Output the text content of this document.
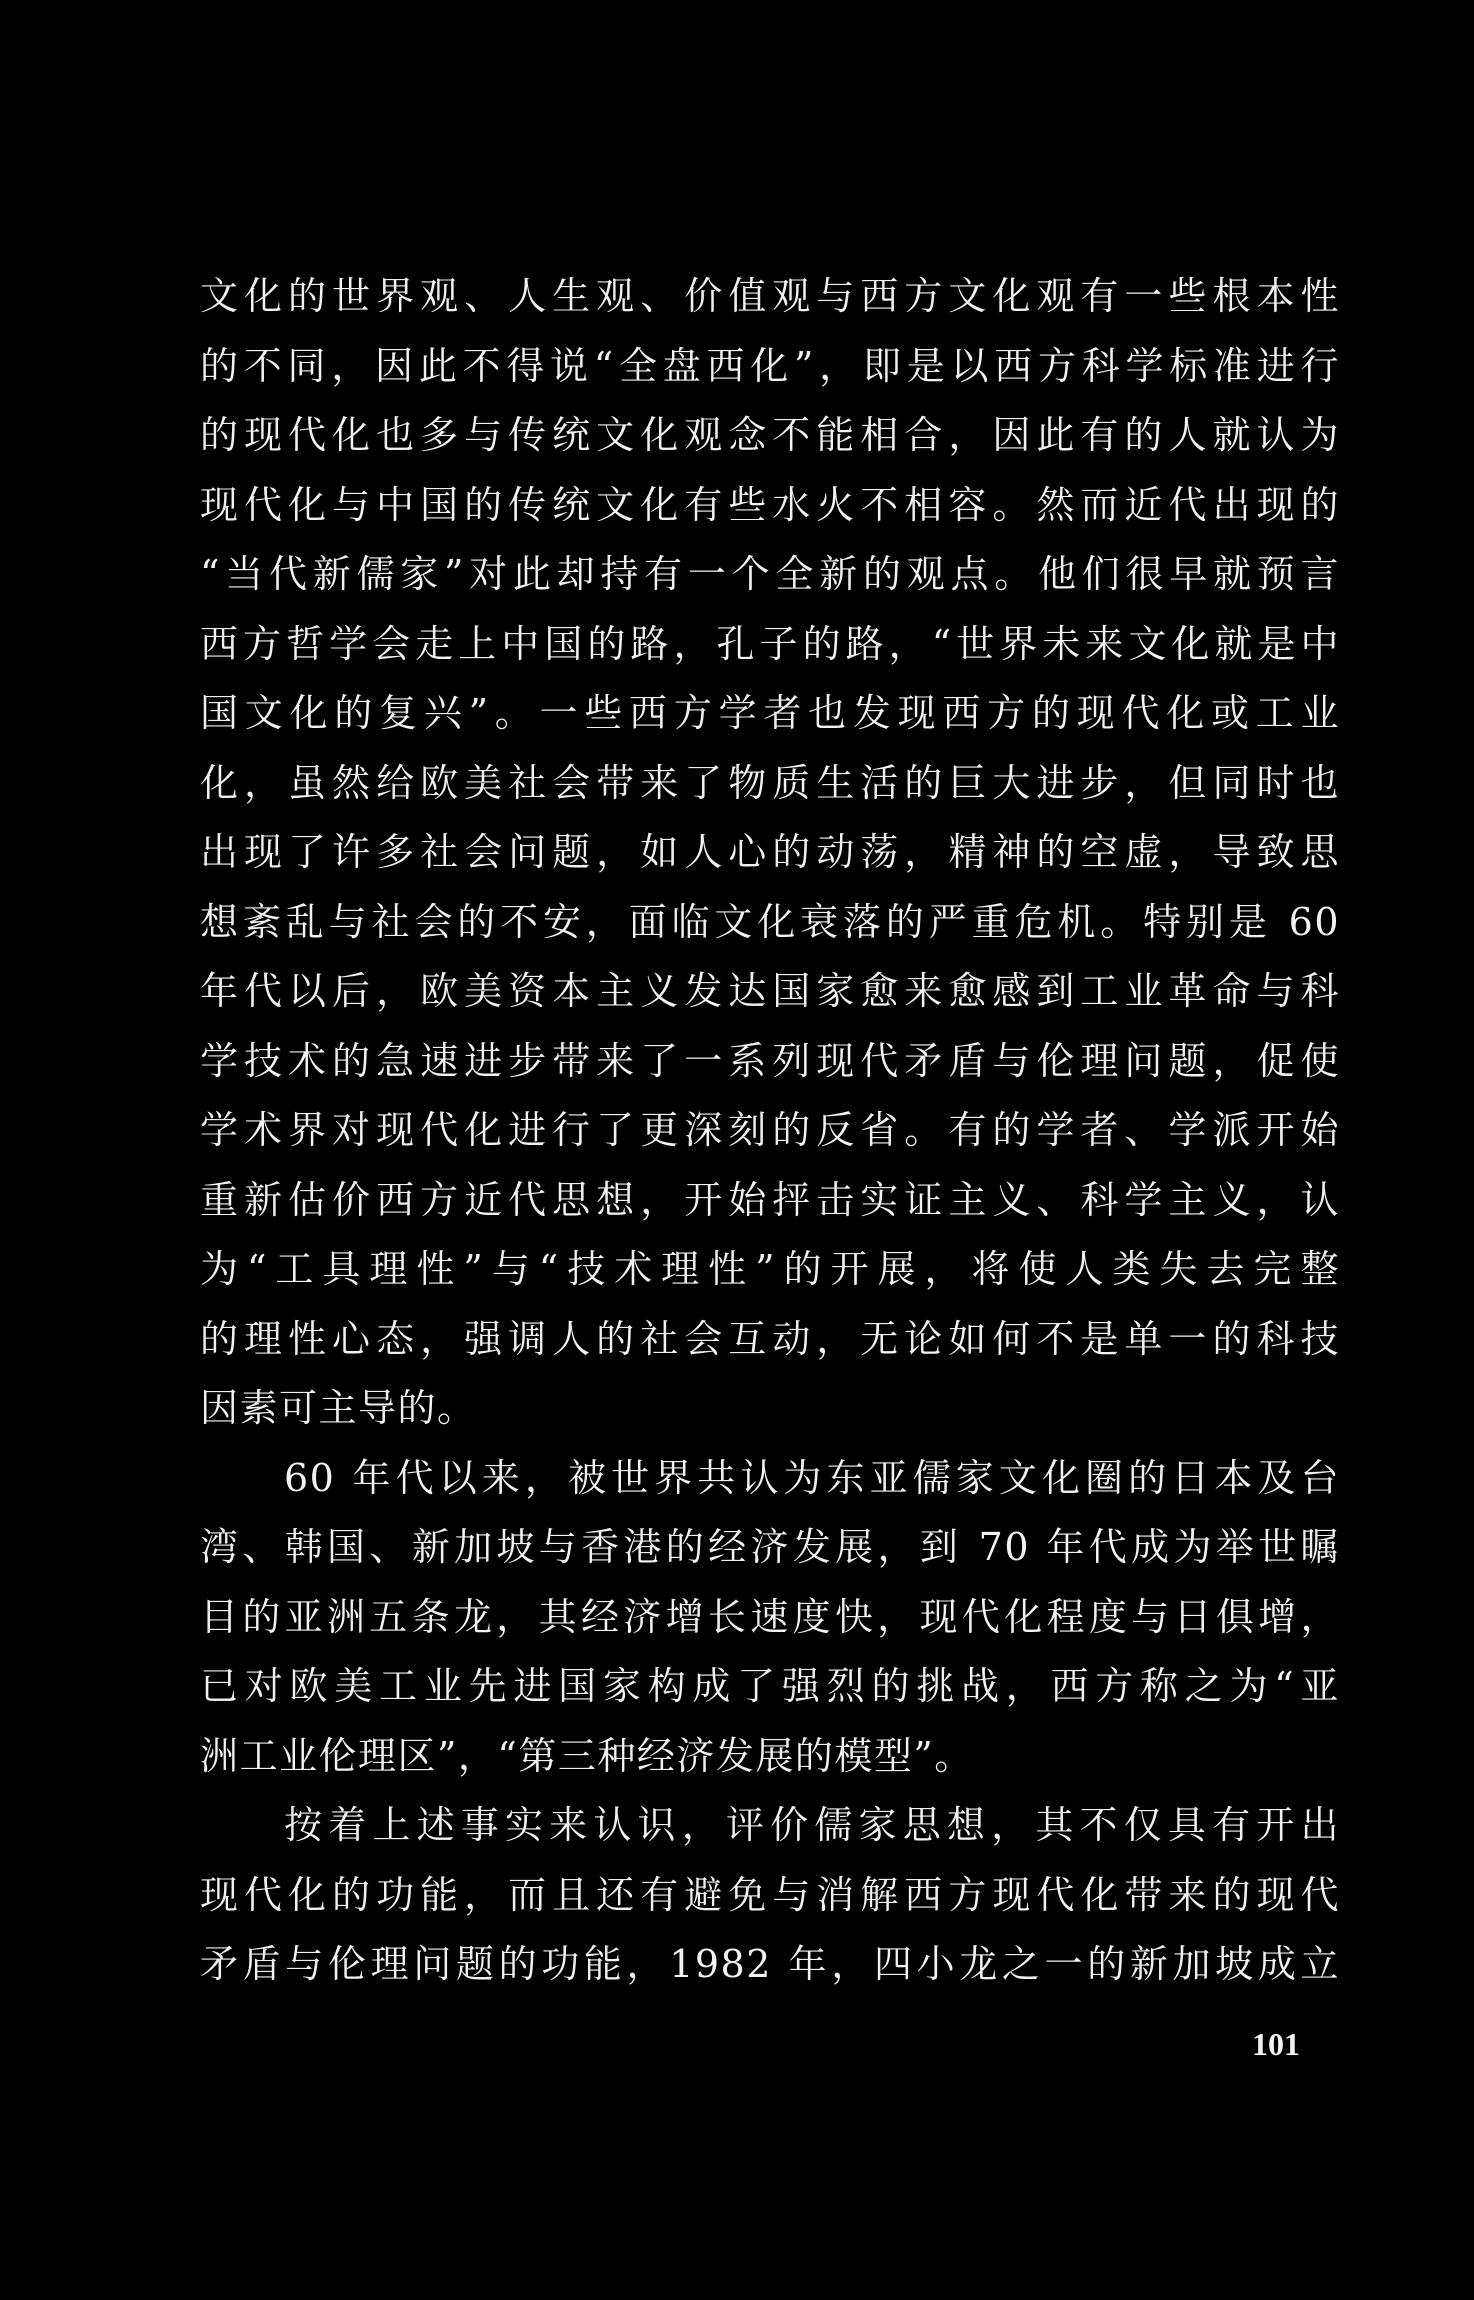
文化的世界观、人生观、价值观与西方文化观有一些根本性
的不同，因此不得说“全盘西化”，即是以西方科学标准进行
的现代化也多与传统文化观念不能相合，因此有的人就认为
现代化与中国的传统文化有些水火不相容。然而近代出现的
“当代新儒家”对此却持有一个全新的观点。他们很早就预言
西方哲学会走上中国的路，孔子的路，“世界未来文化就是中
国文化的复兴”。一些西方学者也发现西方的现代化或工业
化，虽然给欧美社会带来了物质生活的巨大进步，但同时也
出现了许多社会问题，如人心的动荡，精神的空虚，导致思
想紊乱与社会的不安，面临文化衰落的严重危机。特别是 60
年代以后，欧美资本主义发达国家愈来愈感到工业革命与科
学技术的急速进步带来了一系列现代矛盾与伦理问题，促使
学术界对现代化进行了更深刻的反省。有的学者、学派开始
重新估价西方近代思想，开始抨击实证主义、科学主义，认
为“工具理性”与“技术理性”的开展，将使人类失去完整
的理性心态，强调人的社会互动，无论如何不是单一的科技
因素可主导的。
60 年代以来，被世界共认为东亚儒家文化圈的日本及台
湾、韩国、新加坡与香港的经济发展，到 70 年代成为举世瞩
目的亚洲五条龙，其经济增长速度快，现代化程度与日俱增，
已对欧美工业先进国家构成了强烈的挑战，西方称之为“亚
洲工业伦理区”，“第三种经济发展的模型”。
按着上述事实来认识，评价儒家思想，其不仅具有开出
现代化的功能，而且还有避免与消解西方现代化带来的现代
矛盾与伦理问题的功能，1982 年，四小龙之一的新加坡成立
101
